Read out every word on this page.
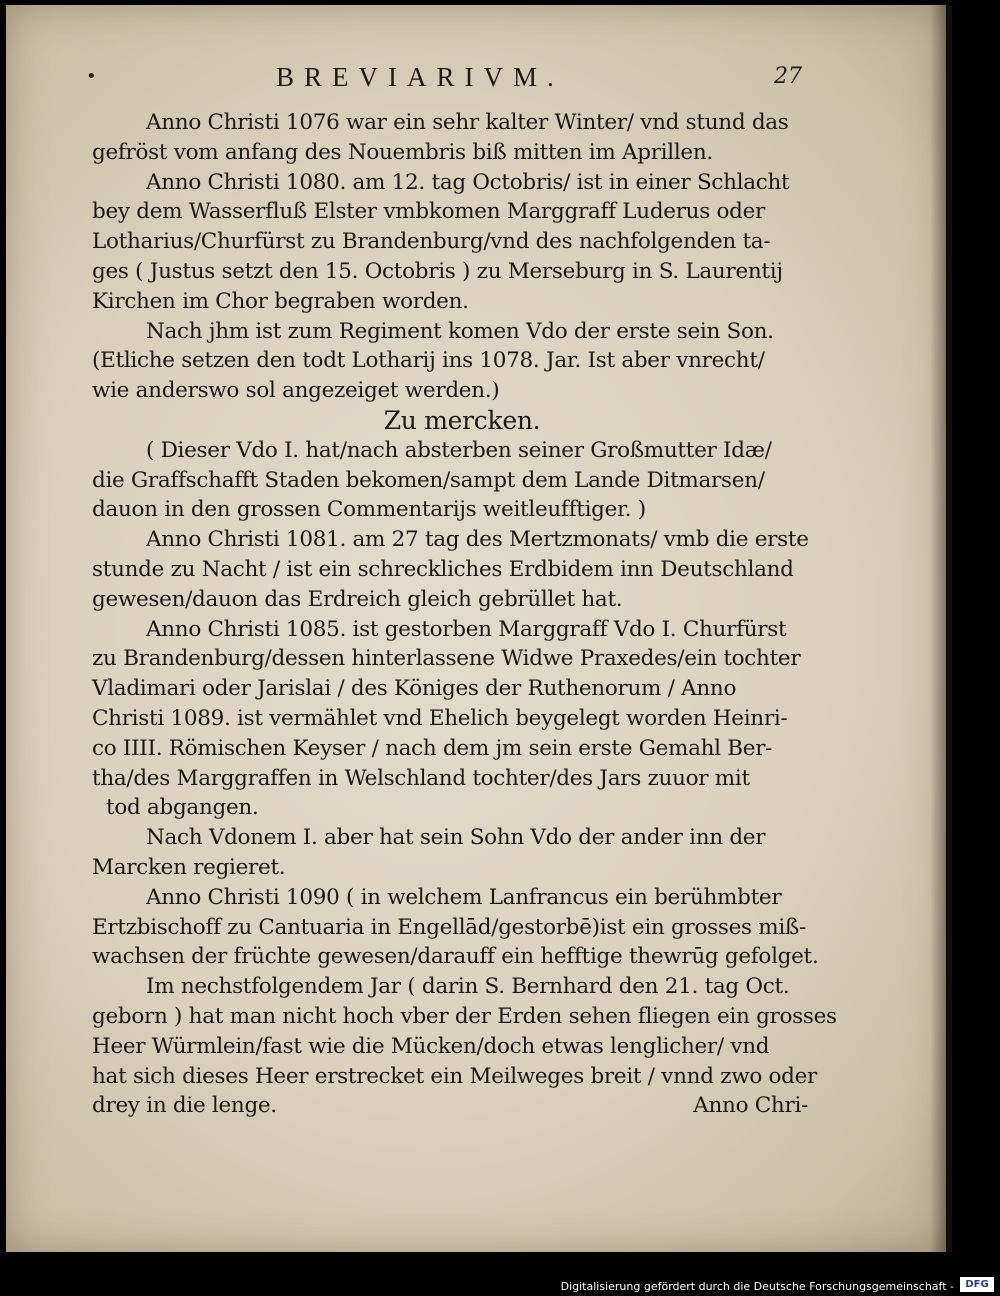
•	BREVIARIVM.	27
Anno Christi 1076 war ein sehr kalter Winter/ vnd stund das
gefröst vom anfang des Nouembris biß mitten im Aprillen.
Anno Christi 1080. am 12. tag Octobris/ ist in einer Schlacht
bey dem Wasserfluß Elster vmbkomen Marggraff Luderus oder
Lotharius/Churfürst zu Brandenburg/vnd des nachfolgenden ta-
ges ( Justus setzt den 15. Octobris ) zu Merseburg in S. Laurentij
Kirchen im Chor begraben worden.
Nach jhm ist zum Regiment komen Vdo der erste sein Son.
(Etliche setzen den todt Lotharij ins 1078. Jar. Ist aber vnrecht/
wie anderswo sol angezeiget werden.)
Zu mercken.
( Dieser Vdo I. hat/nach absterben seiner Großmutter Idæ/
die Graffschafft Staden bekomen/sampt dem Lande Ditmarsen/
dauon in den grossen Commentarijs weitleufftiger. )
Anno Christi 1081. am 27 tag des Mertzmonats/ vmb die erste
stunde zu Nacht / ist ein schreckliches Erdbidem inn Deutschland
gewesen/dauon das Erdreich gleich gebrüllet hat.
Anno Christi 1085. ist gestorben Marggraff Vdo I. Churfürst
zu Brandenburg/dessen hinterlassene Widwe Praxedes/ein tochter
Vladimari oder Jarislai / des Königes der Ruthenorum / Anno
Christi 1089. ist vermählet vnd Ehelich beygelegt worden Heinri-
co IIII. Römischen Keyser / nach dem jm sein erste Gemahl Ber-
tha/des Marggraffen in Welschland tochter/des Jars zuuor mit
tod abgangen.
Nach Vdonem I. aber hat sein Sohn Vdo der ander inn der
Marcken regieret.
Anno Christi 1090 ( in welchem Lanfrancus ein berühmbter
Ertzbischoff zu Cantuaria in Engellād/gestorbē)ist ein grosses miß-
wachsen der früchte gewesen/darauff ein hefftige thewrūg gefolget.
Im nechstfolgendem Jar ( darin S. Bernhard den 21. tag Oct.
geborn ) hat man nicht hoch vber der Erden sehen fliegen ein grosses
Heer Würmlein/fast wie die Mücken/doch etwas lenglicher/ vnd
hat sich dieses Heer erstrecket ein Meilweges breit / vnnd zwo oder
drey in die lenge.	Anno Chri-
Digitalisierung gefördert durch die Deutsche Forschungsgemeinschaft -	DFG
